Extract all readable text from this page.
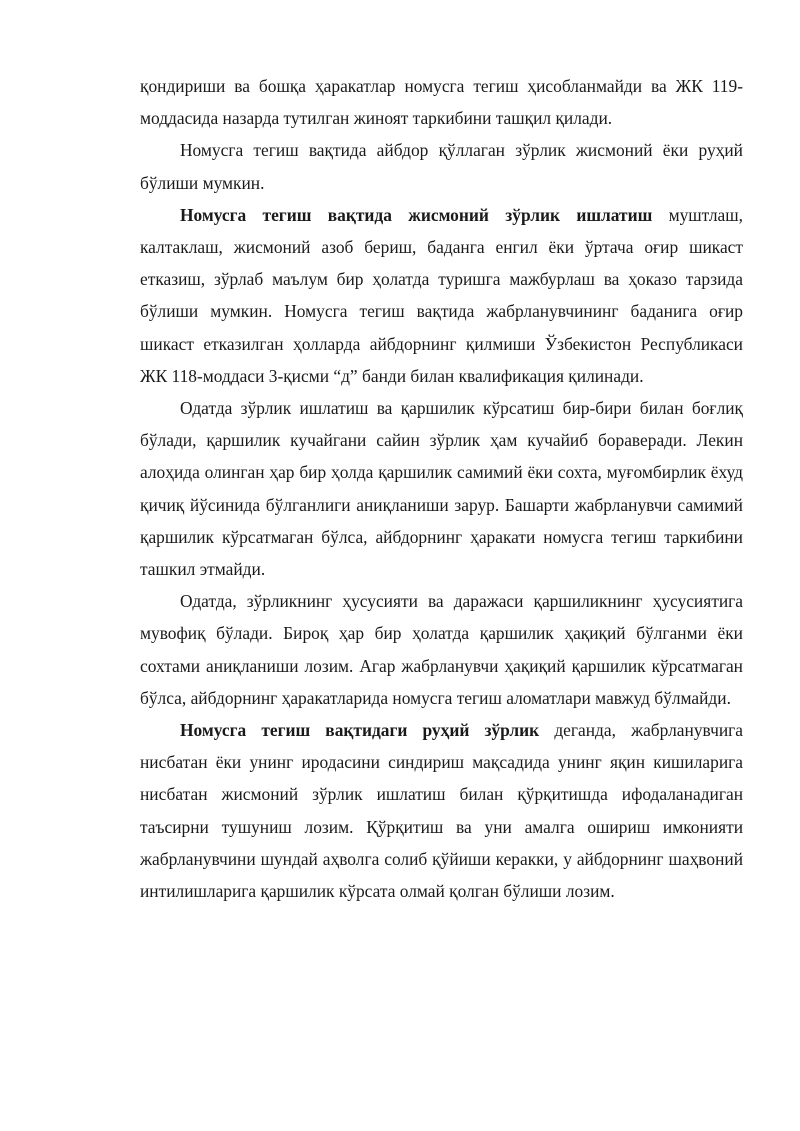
қондириши ва бошқа ҳаракатлар номусга тегиш ҳисобланмайди ва ЖК 119-моддасида назарда тутилган жиноят таркибини ташқил қилади.

Номусга тегиш вақтида айбдор қўллаган зўрлик жисмоний ёки руҳий бўлиши мумкин.

Номусга тегиш вақтида жисмоний зўрлик ишлатиш муштлаш, калтаклаш, жисмоний азоб бериш, баданга енгил ёки ўртача оғир шикаст етказиш, зўрлаб маълум бир ҳолатда туришга мажбурлаш ва ҳоказо тарзида бўлиши мумкин. Номусга тегиш вақтида жабрланувчининг баданига оғир шикаст етказилган ҳолларда айбдорнинг қилмиши Ўзбекистон Республикаси ЖК 118-моддаси 3-қисми “д” банди билан квалификация қилинади.

Одатда зўрлик ишлатиш ва қаршилик кўрсатиш бир-бири билан боғлиқ бўлади, қаршилик кучайгани сайин зўрлик ҳам кучайиб бораверади. Лекин алоҳида олинган ҳар бир ҳолда қаршилик самимий ёки сохта, муғомбирлик ёхуд қичиқ йўсинида бўлганлиги аниқланиши зарур. Башарти жабрланувчи самимий қаршилик кўрсатмаган бўлса, айбдорнинг ҳаракати номусга тегиш таркибини ташкил этмайди.

Одатда, зўрликнинг ҳусусияти ва даражаси қаршиликнинг ҳусусиятига мувофиқ бўлади. Бироқ ҳар бир ҳолатда қаршилик ҳақиқий бўлганми ёки сохтами аниқланиши лозим. Агар жабрланувчи ҳақиқий қаршилик кўрсатмаган бўлса, айбдорнинг ҳаракатларида номусга тегиш аломатлари мавжуд бўлмайди.

Номусга тегиш вақтидаги руҳий зўрлик деганда, жабрланувчига нисбатан ёки унинг иродасини синдириш мақсадида унинг яқин кишиларига нисбатан жисмоний зўрлик ишлатиш билан қўрқитишда ифодаланадиган таъсирни тушуниш лозим. Қўрқитиш ва уни амалга ошириш имконияти жабрланувчини шундай аҳволга солиб қўйиши керакки, у айбдорнинг шаҳвоний интилишларига қаршилик кўрсата олмай қолган бўлиши лозим.
